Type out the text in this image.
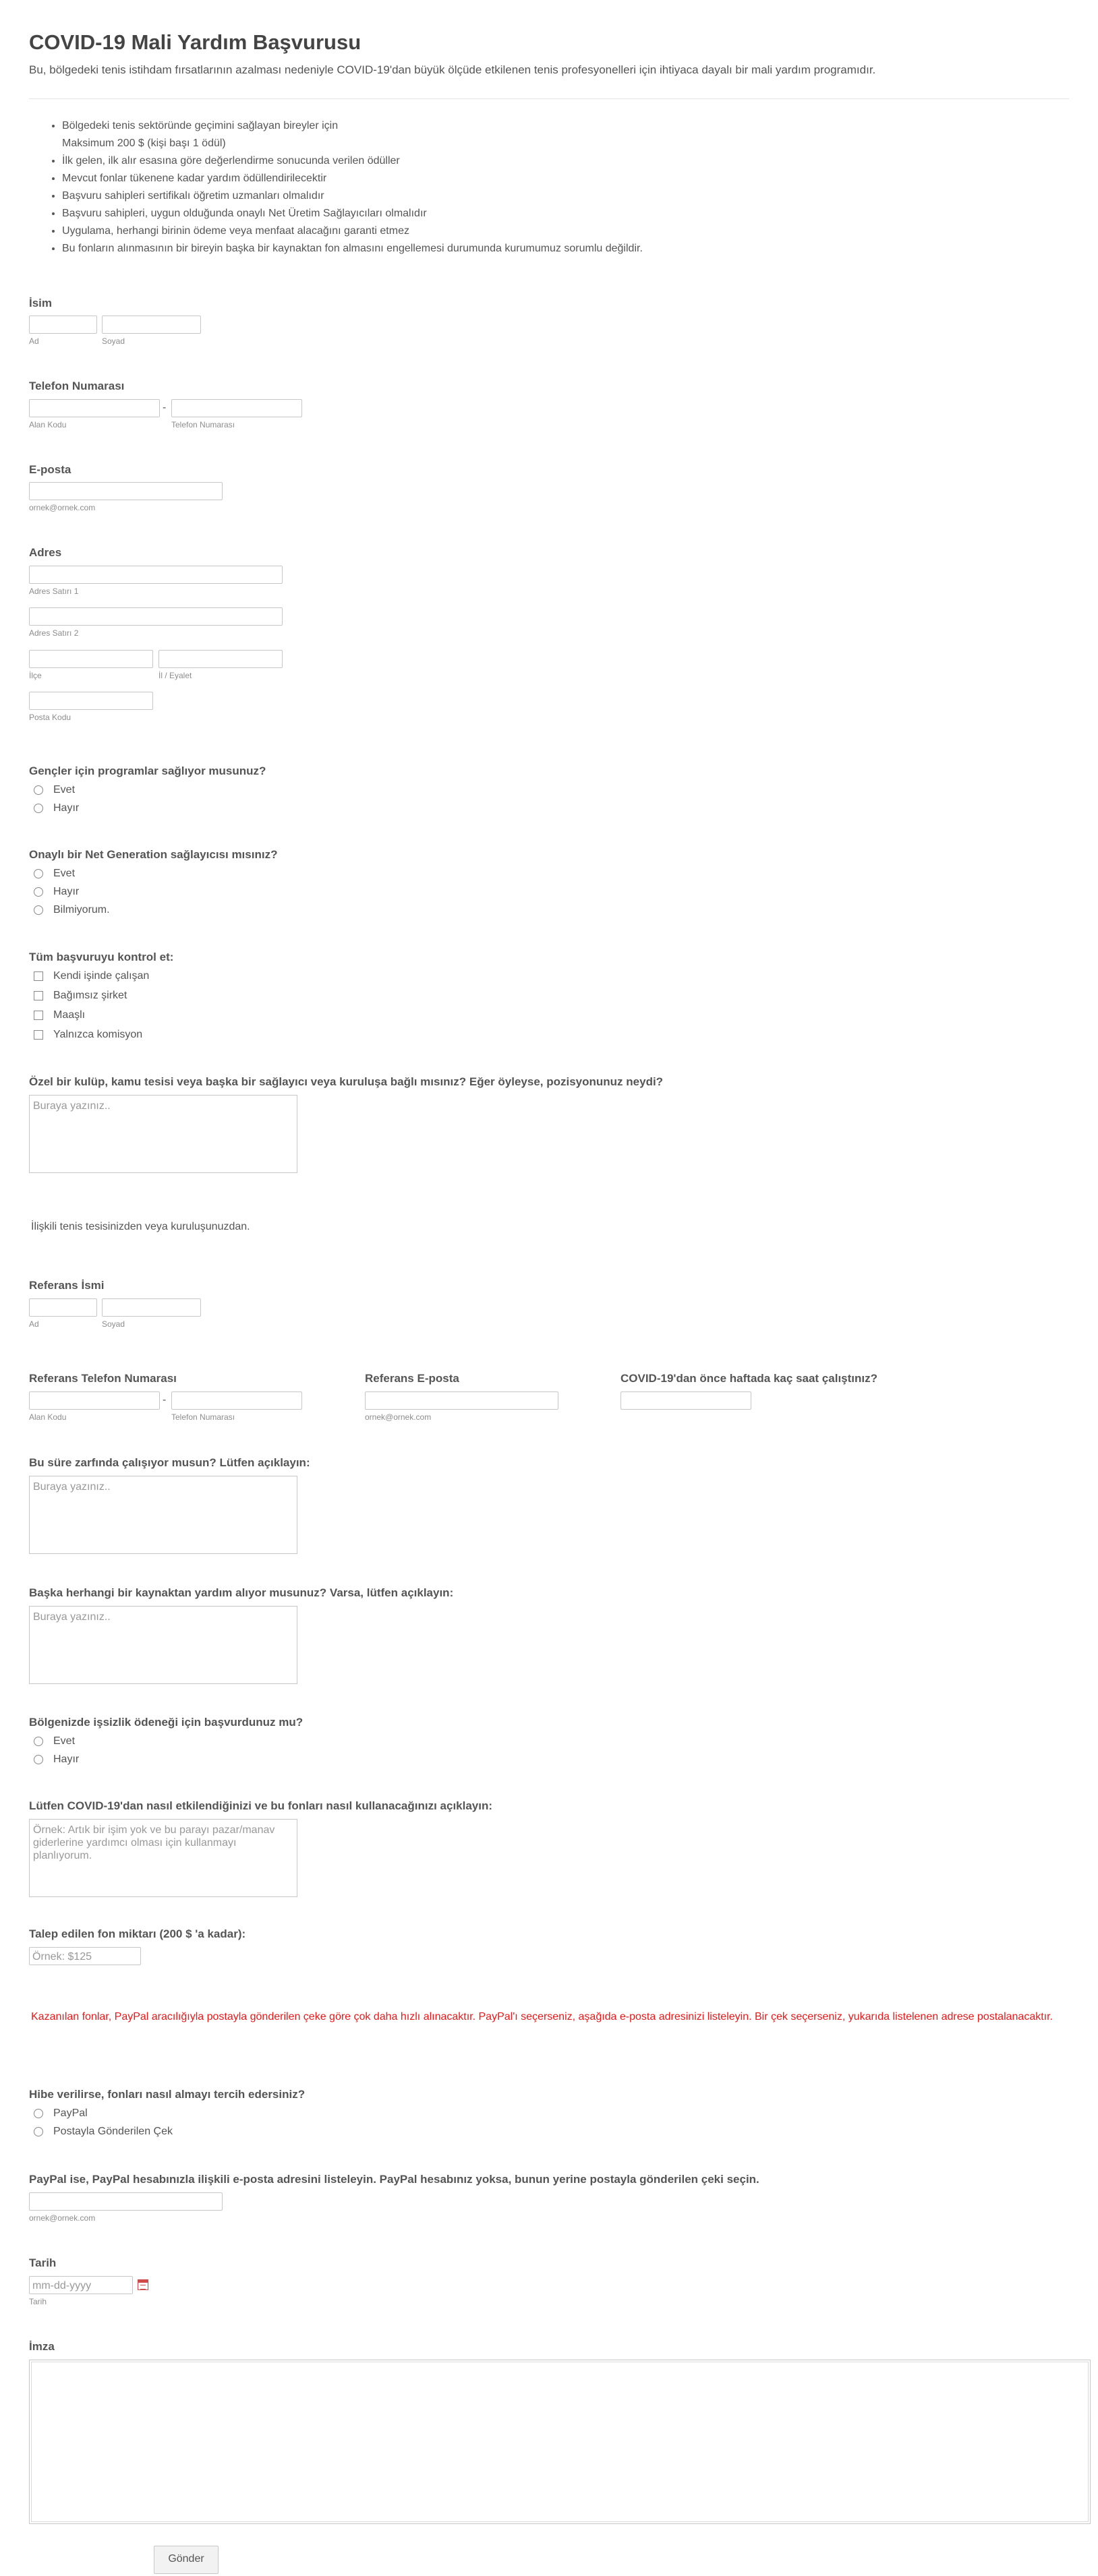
COVID-19 Mali Yardım Başvurusu
Bu, bölgedeki tenis istihdam fırsatlarının azalması nedeniyle COVID-19'dan büyük ölçüde etkilenen tenis profesyonelleri için ihtiyaca dayalı bir mali yardım programıdır.
• Bölgedeki tenis sektöründe geçimini sağlayan bireyler için
Maksimum 200 $ (kişi başı 1 ödül)
• İlk gelen, ilk alır esasına göre değerlendirme sonucunda verilen ödüller
• Mevcut fonlar tükenene kadar yardım ödüllendirilecektir
• Başvuru sahipleri sertifikalı öğretim uzmanları olmalıdır
• Başvuru sahipleri, uygun olduğunda onaylı Net Üretim Sağlayıcıları olmalıdır
• Uygulama, herhangi birinin ödeme veya menfaat alacağını garanti etmez
• Bu fonların alınmasının bir bireyin başka bir kaynaktan fon almasını engellemesi durumunda kurumumuz sorumlu değildir.
İsim
Ad	Soyad
Telefon Numarası
-
Alan Kodu	Telefon Numarası
E-posta
ornek@ornek.com
Adres
Adres Satırı 1
Adres Satırı 2
İlçe	İl / Eyalet
Posta Kodu
Gençler için programlar sağlıyor musunuz?
Evet
Hayır
Onaylı bir Net Generation sağlayıcısı mısınız?
Evet
Hayır
Bilmiyorum.
Tüm başvuruyu kontrol et:
Kendi işinde çalışan
Bağımsız şirket
Maaşlı
Yalnızca komisyon
Özel bir kulüp, kamu tesisi veya başka bir sağlayıcı veya kuruluşa bağlı mısınız? Eğer öyleyse, pozisyonunuz neydi?
Buraya yazınız..
İlişkili tenis tesisinizden veya kuruluşunuzdan.
Referans İsmi
Ad	Soyad
Referans Telefon Numarası
-
Alan Kodu	Telefon Numarası
Referans E-posta
ornek@ornek.com
COVID-19'dan önce haftada kaç saat çalıştınız?
Bu süre zarfında çalışıyor musun? Lütfen açıklayın:
Buraya yazınız..
Başka herhangi bir kaynaktan yardım alıyor musunuz? Varsa, lütfen açıklayın:
Buraya yazınız..
Bölgenizde işsizlik ödeneği için başvurdunuz mu?
Evet
Hayır
Lütfen COVID-19'dan nasıl etkilendiğinizi ve bu fonları nasıl kullanacağınızı açıklayın:
Örnek: Artık bir işim yok ve bu parayı pazar/manav giderlerine yardımcı olması için kullanmayı planlıyorum.
Talep edilen fon miktarı (200 $ 'a kadar):
Örnek: $125
Kazanılan fonlar, PayPal aracılığıyla postayla gönderilen çeke göre çok daha hızlı alınacaktır. PayPal'ı seçerseniz, aşağıda e-posta adresinizi listeleyin. Bir çek seçerseniz, yukarıda listelenen adrese postalanacaktır.
Hibe verilirse, fonları nasıl almayı tercih edersiniz?
PayPal
Postayla Gönderilen Çek
PayPal ise, PayPal hesabınızla ilişkili e-posta adresini listeleyin. PayPal hesabınız yoksa, bunun yerine postayla gönderilen çeki seçin.
ornek@ornek.com
Tarih
mm-dd-yyyy
Tarih
İmza
Gönder
